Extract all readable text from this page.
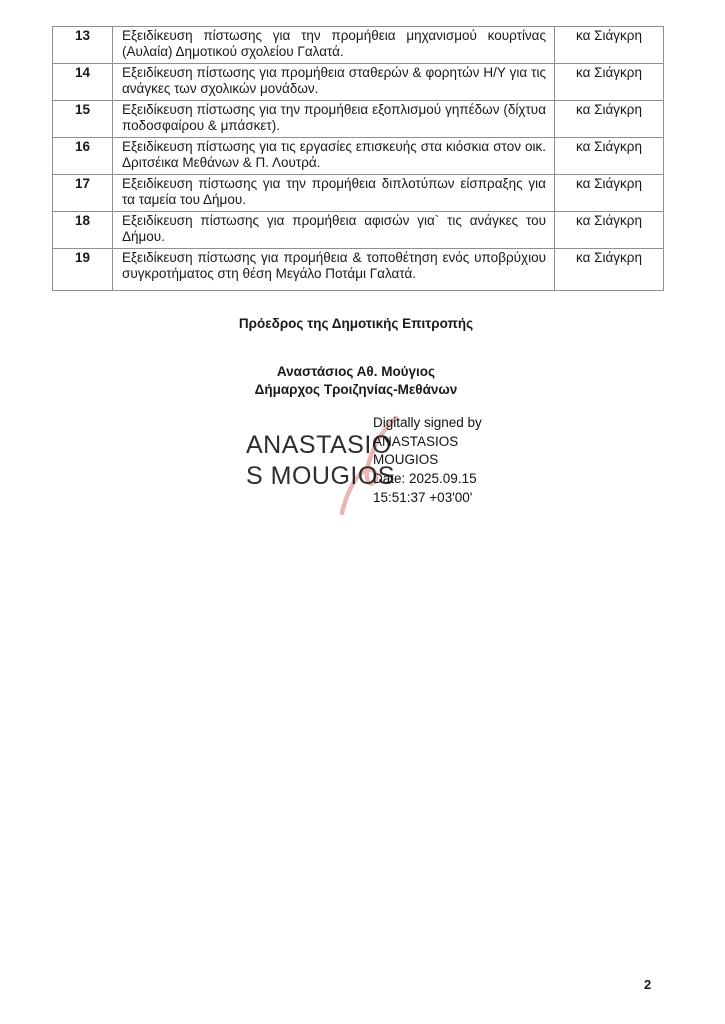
13	Εξειδίκευση πίστωσης για την προμήθεια μηχανισμού κουρτίνας (Αυλαία) Δημοτικού σχολείου Γαλατά.	κα Σιάγκρη
14	Εξειδίκευση πίστωσης για προμήθεια σταθερών & φορητών Η/Υ για τις ανάγκες των σχολικών μονάδων.	κα Σιάγκρη
15	Εξειδίκευση πίστωσης για την προμήθεια εξοπλισμού γηπέδων (δίχτυα ποδοσφαίρου & μπάσκετ).	κα Σιάγκρη
16	Εξειδίκευση πίστωσης για τις εργασίες επισκευής στα κιόσκια στον οικ. Δριτσέικα Μεθάνων & Π. Λουτρά.	κα Σιάγκρη
17	Εξειδίκευση πίστωσης για την προμήθεια διπλοτύπων είσπραξης για τα ταμεία του Δήμου.	κα Σιάγκρη
18	Εξειδίκευση πίστωσης για προμήθεια αφισών για` τις ανάγκες του Δήμου.	κα Σιάγκρη
19	Εξειδίκευση πίστωσης για προμήθεια & τοποθέτηση ενός υποβρύχιου συγκροτήματος στη θέση Μεγάλο Ποτάμι Γαλατά.	κα Σιάγκρη
Πρόεδρος της Δημοτικής Επιτροπής
Αναστάσιος Αθ. Μούγιος
Δήμαρχος Τροιζηνίας-Μεθάνων
ANASTASIO
S MOUGIOS
Digitally signed by
ANASTASIOS
MOUGIOS
Date: 2025.09.15
15:51:37 +03'00'
2
